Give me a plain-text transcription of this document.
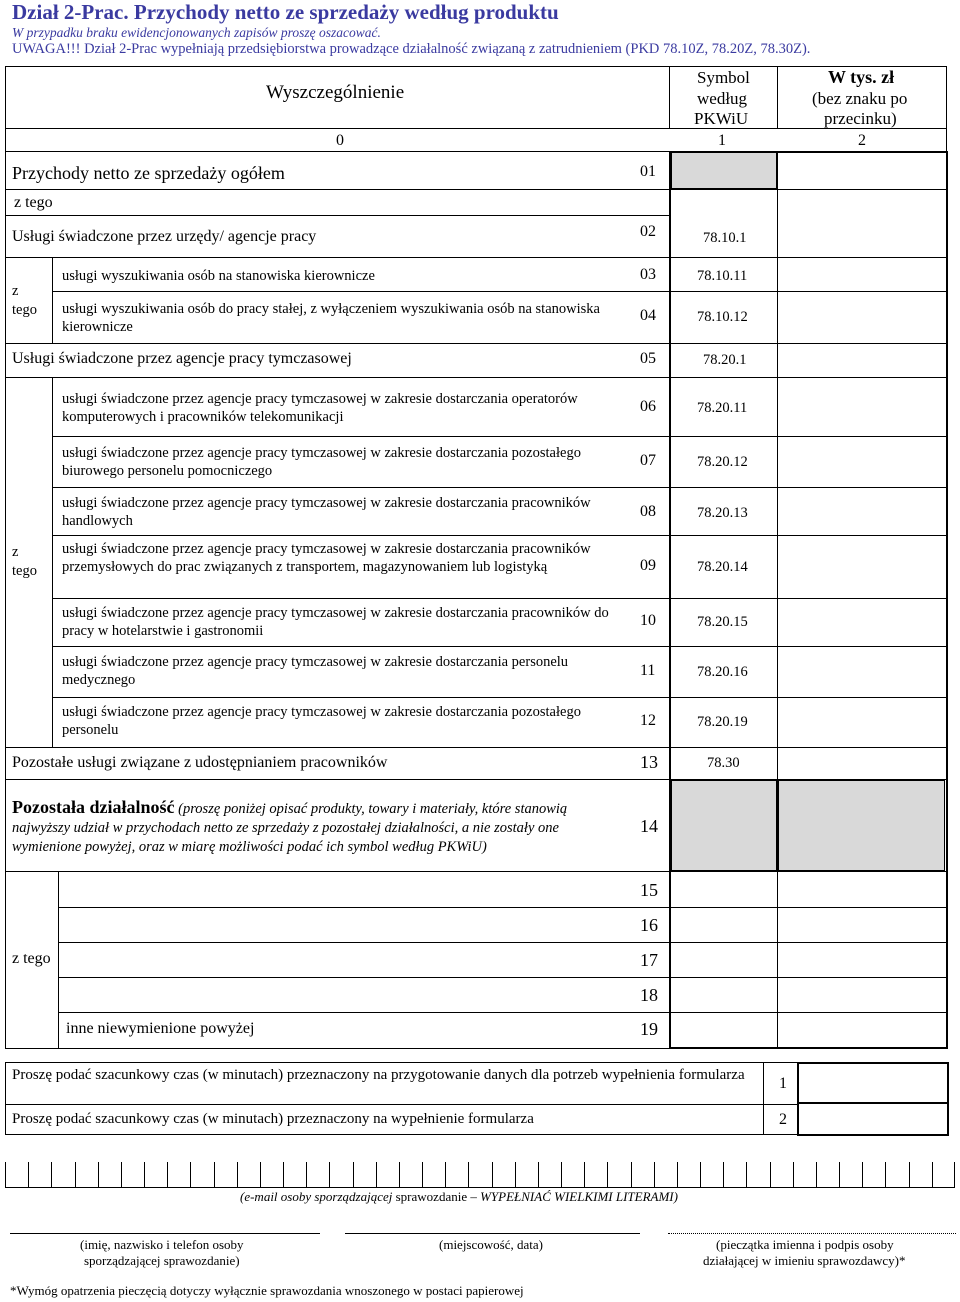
Dział 2-Prac. Przychody netto ze sprzedaży według produktu
W przypadku braku ewidencjonowanych zapisów proszę oszacować.
UWAGA!!! Dział 2-Prac wypełniają przedsiębiorstwa prowadzące działalność związaną z zatrudnieniem (PKD 78.10Z, 78.20Z, 78.30Z).
Wyszczególnienie
Symbol
według
PKWiU
W tys. zł
(bez znaku po
przecinku)
0	1	2
Przychody netto ze sprzedaży ogółem	01
z tego
Usługi świadczone przez urzędy/ agencje pracy	02	78.10.1
z
tego
usługi wyszukiwania osób na stanowiska kierownicze	03	78.10.11
usługi wyszukiwania osób do pracy stałej, z wyłączeniem wyszukiwania osób na stanowiska kierownicze
04	78.10.12
Usługi świadczone przez agencje pracy tymczasowej	05	78.20.1
z
tego
usługi świadczone przez agencje pracy tymczasowej w zakresie dostarczania operatorów komputerowych i pracowników telekomunikacji
06	78.20.11
usługi świadczone przez agencje pracy tymczasowej w zakresie dostarczania pozostałego biurowego personelu pomocniczego
07	78.20.12
usługi świadczone przez agencje pracy tymczasowej w zakresie dostarczania pracowników handlowych
08	78.20.13
usługi świadczone przez agencje pracy tymczasowej w zakresie dostarczania pracowników przemysłowych do prac związanych z transportem, magazynowaniem lub logistyką	09	78.20.14
usługi świadczone przez agencje pracy tymczasowej w zakresie dostarczania pracowników do pracy w hotelarstwie i gastronomii
10	78.20.15
usługi świadczone przez agencje pracy tymczasowej w zakresie dostarczania personelu medycznego
11	78.20.16
usługi świadczone przez agencje pracy tymczasowej w zakresie dostarczania pozostałego personelu
12	78.20.19
Pozostałe usługi związane z udostępnianiem pracowników	13	78.30
Pozostała działalność (proszę poniżej opisać produkty, towary i materiały, które stanowią najwyższy udział w przychodach netto ze sprzedaży z pozostałej działalności, a nie zostały one wymienione powyżej, oraz w miarę możliwości podać ich symbol według PKWiU)
14
z tego
15
16
17
18
inne niewymienione powyżej	19
Proszę podać szacunkowy czas (w minutach) przeznaczony na przygotowanie danych dla potrzeb wypełnienia formularza	1
Proszę podać szacunkowy czas (w minutach) przeznaczony na wypełnienie formularza	2
(e-mail osoby sporządzającej sprawozdanie – WYPEŁNIAĆ WIELKIMI LITERAMI)
(imię, nazwisko i telefon osoby
sporządzającej sprawozdanie)
(miejscowość, data)	(pieczątka imienna i podpis osoby
działającej w imieniu sprawozdawcy)*
*Wymóg opatrzenia pieczęcią dotyczy wyłącznie sprawozdania wnoszonego w postaci papierowej
